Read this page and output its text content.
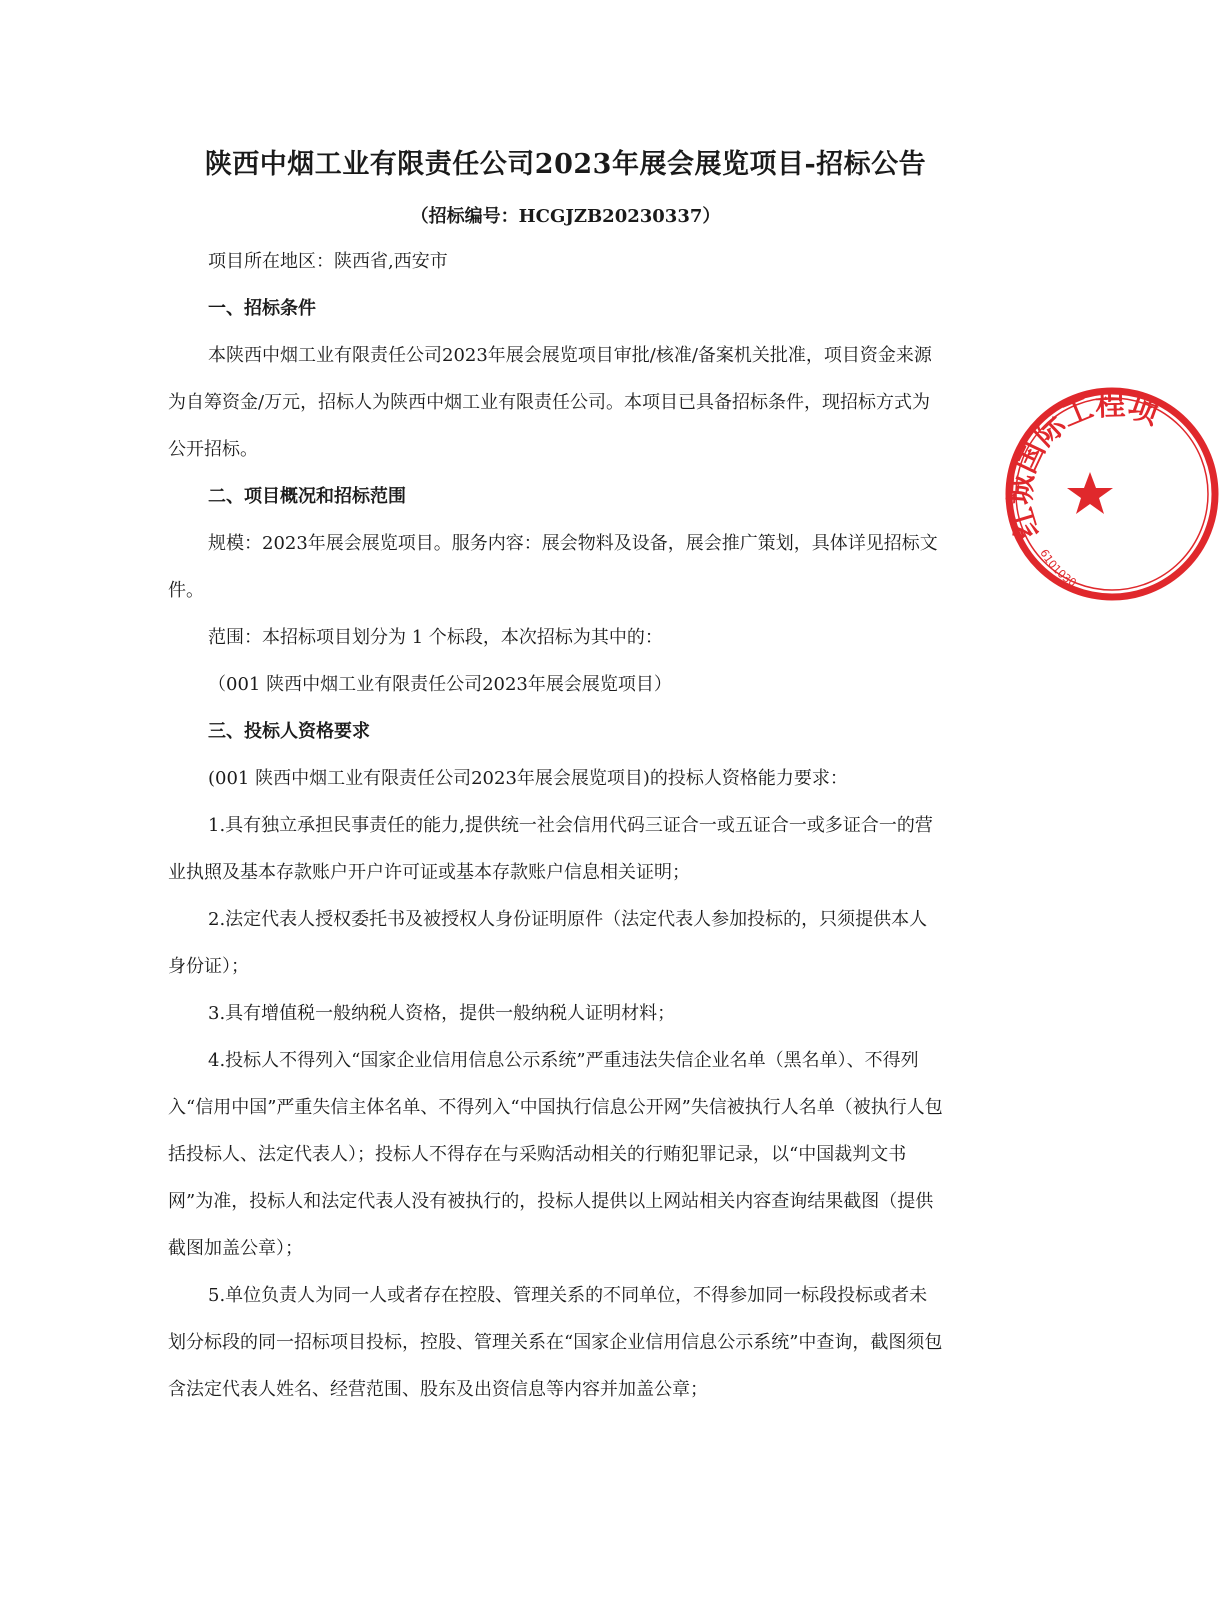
陕西中烟工业有限责任公司2023年展会展览项目-招标公告

（招标编号：HCGJZB20230337）

项目所在地区：陕西省,西安市

一、招标条件

本陕西中烟工业有限责任公司2023年展会展览项目审批/核准/备案机关批准，项目资金来源为自筹资金/万元，招标人为陕西中烟工业有限责任公司。本项目已具备招标条件，现招标方式为公开招标。

二、项目概况和招标范围

规模：2023年展会展览项目。服务内容：展会物料及设备，展会推广策划，具体详见招标文件。

范围：本招标项目划分为 1 个标段，本次招标为其中的：

（001 陕西中烟工业有限责任公司2023年展会展览项目）

三、投标人资格要求

(001 陕西中烟工业有限责任公司2023年展会展览项目)的投标人资格能力要求：

1.具有独立承担民事责任的能力,提供统一社会信用代码三证合一或五证合一或多证合一的营业执照及基本存款账户开户许可证或基本存款账户信息相关证明；

2.法定代表人授权委托书及被授权人身份证明原件（法定代表人参加投标的，只须提供本人身份证）；

3.具有增值税一般纳税人资格，提供一般纳税人证明材料；

4.投标人不得列入“国家企业信用信息公示系统”严重违法失信企业名单（黑名单）、不得列入“信用中国”严重失信主体名单、不得列入“中国执行信息公开网”失信被执行人名单（被执行人包括投标人、法定代表人）；投标人不得存在与采购活动相关的行贿犯罪记录，以“中国裁判文书网”为准，投标人和法定代表人没有被执行的，投标人提供以上网站相关内容查询结果截图（提供截图加盖公章）；

5.单位负责人为同一人或者存在控股、管理关系的不同单位，不得参加同一标段投标或者未划分标段的同一招标项目投标，控股、管理关系在“国家企业信用信息公示系统”中查询，截图须包含法定代表人姓名、经营范围、股东及出资信息等内容并加盖公章；

红城国际工程项
6101030
